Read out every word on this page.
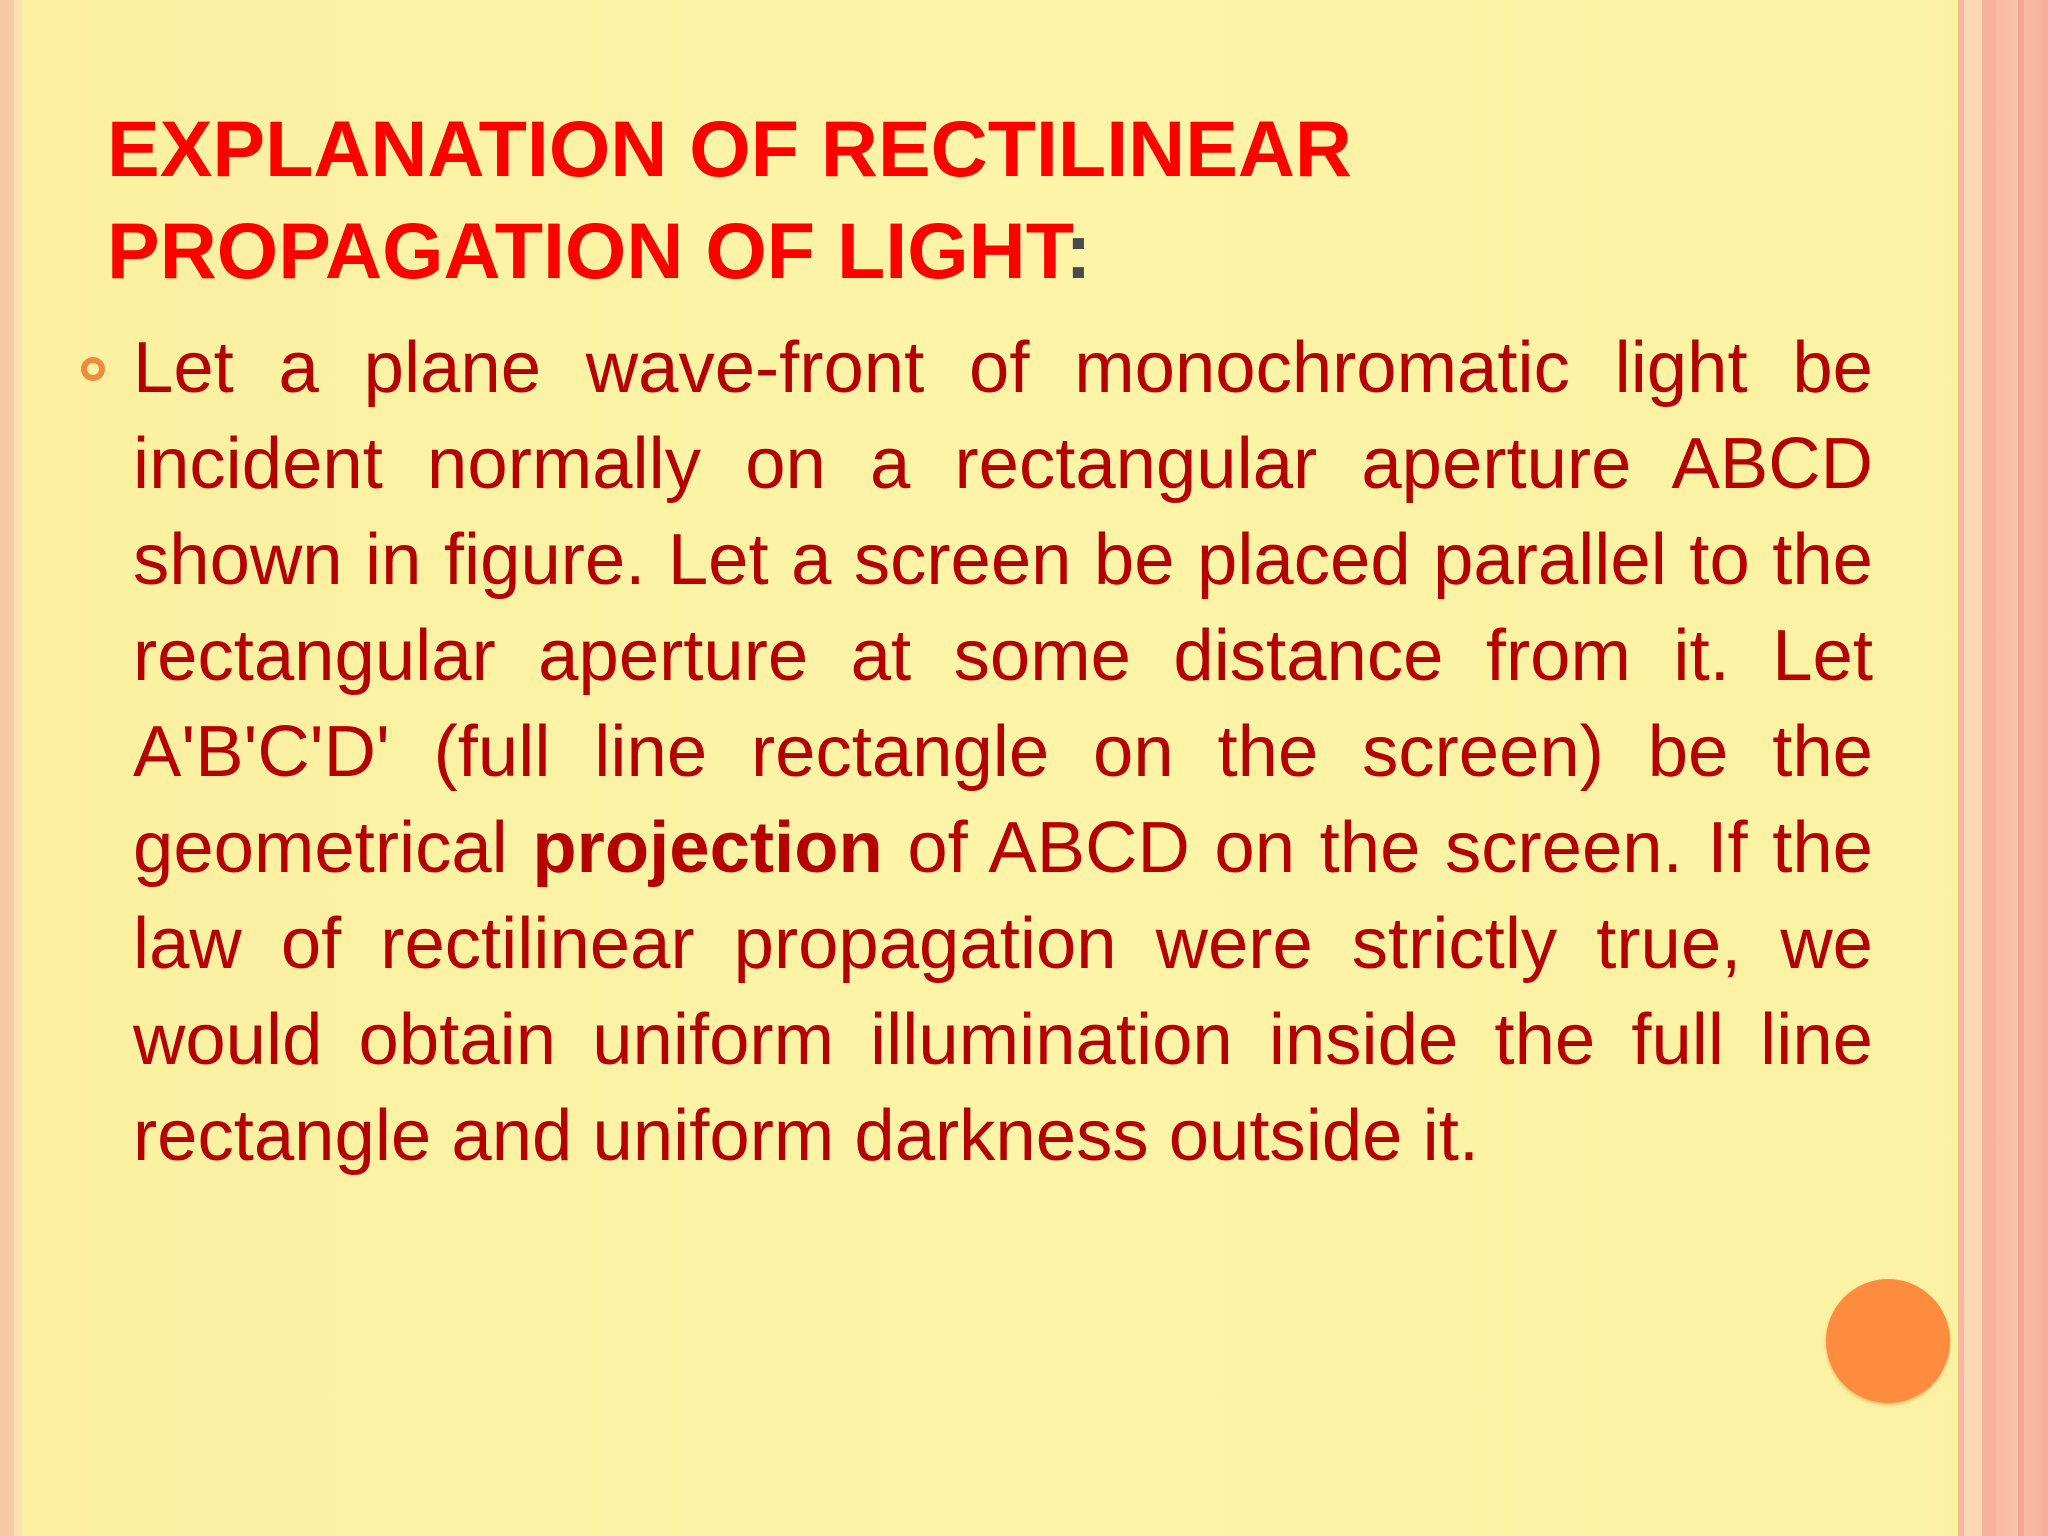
EXPLANATION OF RECTILINEAR PROPAGATION OF LIGHT:

Let a plane wave-front of monochromatic light be incident normally on a rectangular aperture ABCD shown in figure. Let a screen be placed parallel to the rectangular aperture at some distance from it. Let A'B'C'D' (full line rectangle on the screen) be the geometrical projection of ABCD on the screen. If the law of rectilinear propagation were strictly true, we would obtain uniform illumination inside the full line rectangle and uniform darkness outside it.
